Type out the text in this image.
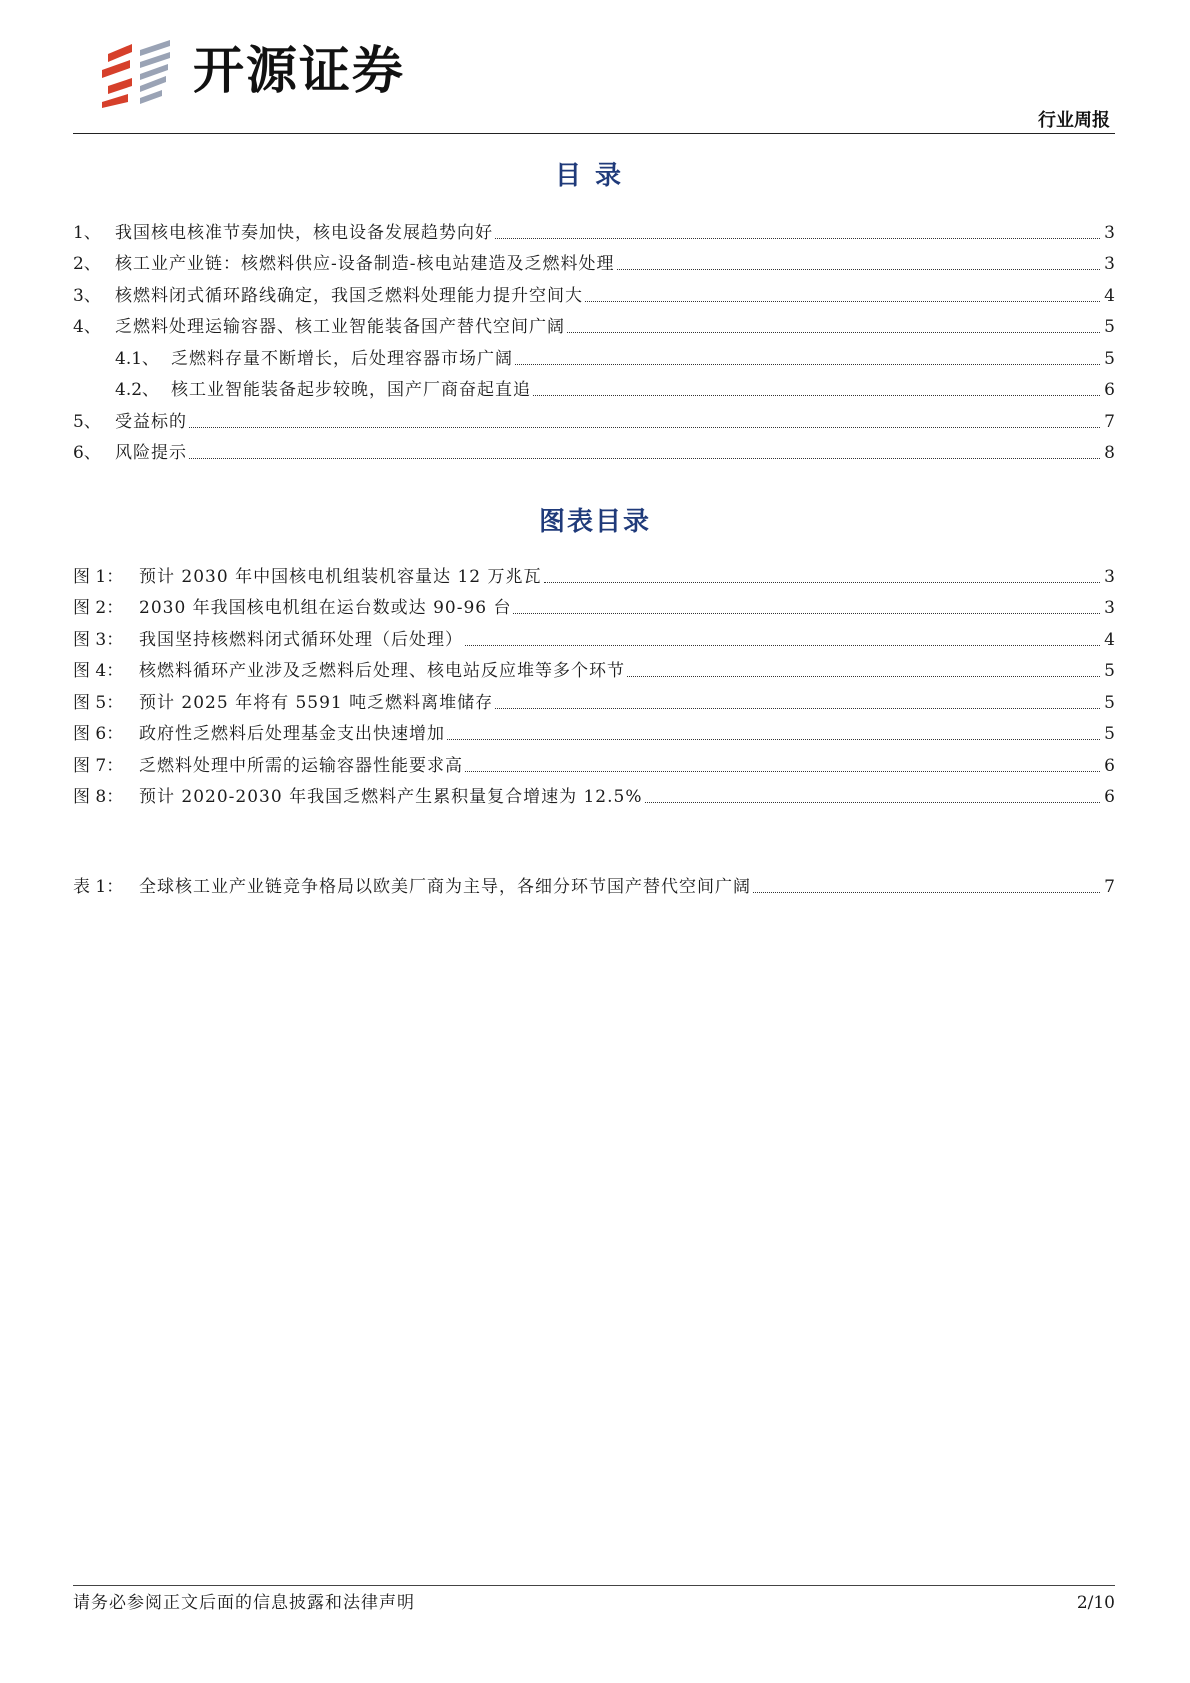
开源证券
行业周报
目录
1、 我国核电核准节奏加快，核电设备发展趋势向好	3
2、 核工业产业链：核燃料供应-设备制造-核电站建造及乏燃料处理	3
3、 核燃料闭式循环路线确定，我国乏燃料处理能力提升空间大	4
4、 乏燃料处理运输容器、核工业智能装备国产替代空间广阔	5
4.1、 乏燃料存量不断增长，后处理容器市场广阔	5
4.2、 核工业智能装备起步较晚，国产厂商奋起直追	6
5、 受益标的	7
6、 风险提示	8
图表目录
图 1： 预计 2030 年中国核电机组装机容量达 12 万兆瓦	3
图 2： 2030 年我国核电机组在运台数或达 90-96 台	3
图 3： 我国坚持核燃料闭式循环处理（后处理）	4
图 4： 核燃料循环产业涉及乏燃料后处理、核电站反应堆等多个环节	5
图 5： 预计 2025 年将有 5591 吨乏燃料离堆储存	5
图 6： 政府性乏燃料后处理基金支出快速增加	5
图 7： 乏燃料处理中所需的运输容器性能要求高	6
图 8： 预计 2020-2030 年我国乏燃料产生累积量复合增速为 12.5%	6
表 1： 全球核工业产业链竞争格局以欧美厂商为主导，各细分环节国产替代空间广阔	7
请务必参阅正文后面的信息披露和法律声明	2/10
